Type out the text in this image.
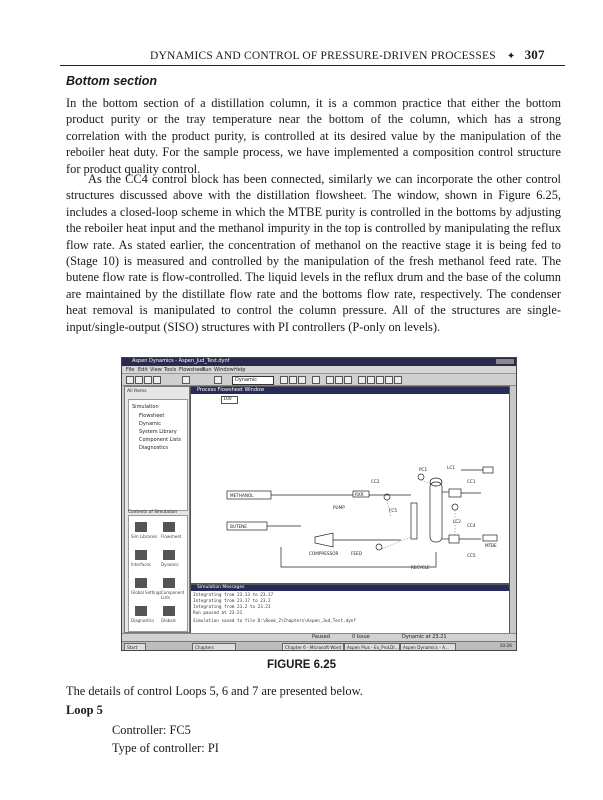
DYNAMICS AND CONTROL OF PRESSURE-DRIVEN PROCESSES ✦ 307
Bottom section
In the bottom section of a distillation column, it is a common practice that either the bottom product purity or the tray temperature near the bottom of the column, which has a strong correlation with the product purity, is controlled at its desired value by the manipulation of the reboiler heat duty. For the sample process, we have implemented a composition control structure for product quality control.
As the CC4 control block has been connected, similarly we can incorporate the other control structures discussed above with the distillation flowsheet. The window, shown in Figure 6.25, includes a closed-loop scheme in which the MTBE purity is controlled in the bottoms by adjusting the reboiler heat input and the methanol impurity in the top is controlled by manipulating the reflux flow rate. As stated earlier, the concentration of methanol on the reactive stage it is being fed to (Stage 10) is measured and controlled by the manipulation of the fresh methanol feed rate. The butene flow rate is flow-controlled. The liquid levels in the reflux drum and the base of the column are maintained by the distillate flow rate and the bottoms flow rate, respectively. The condenser heat removal is manipulated to control the column pressure. All of the structures are single-input/single-output (SISO) structures with PI controllers (P-only on levels).
Aspen Dynamics - Aspen_Jud_Test.dynf
File Edit View Tools Flowsheet
Run Window Help
Dynamic
All Items
Simulation
Flowsheet
Dynamic
System Library
Component Lists
Diagnostics
Contents of Simulation
Sim Libraries Flowsheet
Interfaces	Dynamic
Global Settings Component Lists
Diagnostics Globals
Process Flowsheet Window
100
METHANOL
BUTENE
PUMP
COMPRESSOR
RECYCLE
FEED
RXR
CC1
CC5
CC2
LC1
LC2
PC1
FC5
CC4
MTBE
Simulation Messages
Integrating from 23.13 to 23.17
Integrating from 23.17 to 23.2
Integrating from 23.2 to 23.21
Run paused at 23.21
Simulation saved to file D:\Book_2\Chapters\Aspen_Jud_Test.dynf
Paused	0 Issue	Dynamic at 23.21
Start	Chapters	Chapter 6 - Microsoft Word	Aspen Plus - Ex_ProLDl...	Aspen Dynamics - A...	10:26
FIGURE 6.25
The details of control Loops 5, 6 and 7 are presented below.
Loop 5
Controller: FC5
Type of controller: PI
